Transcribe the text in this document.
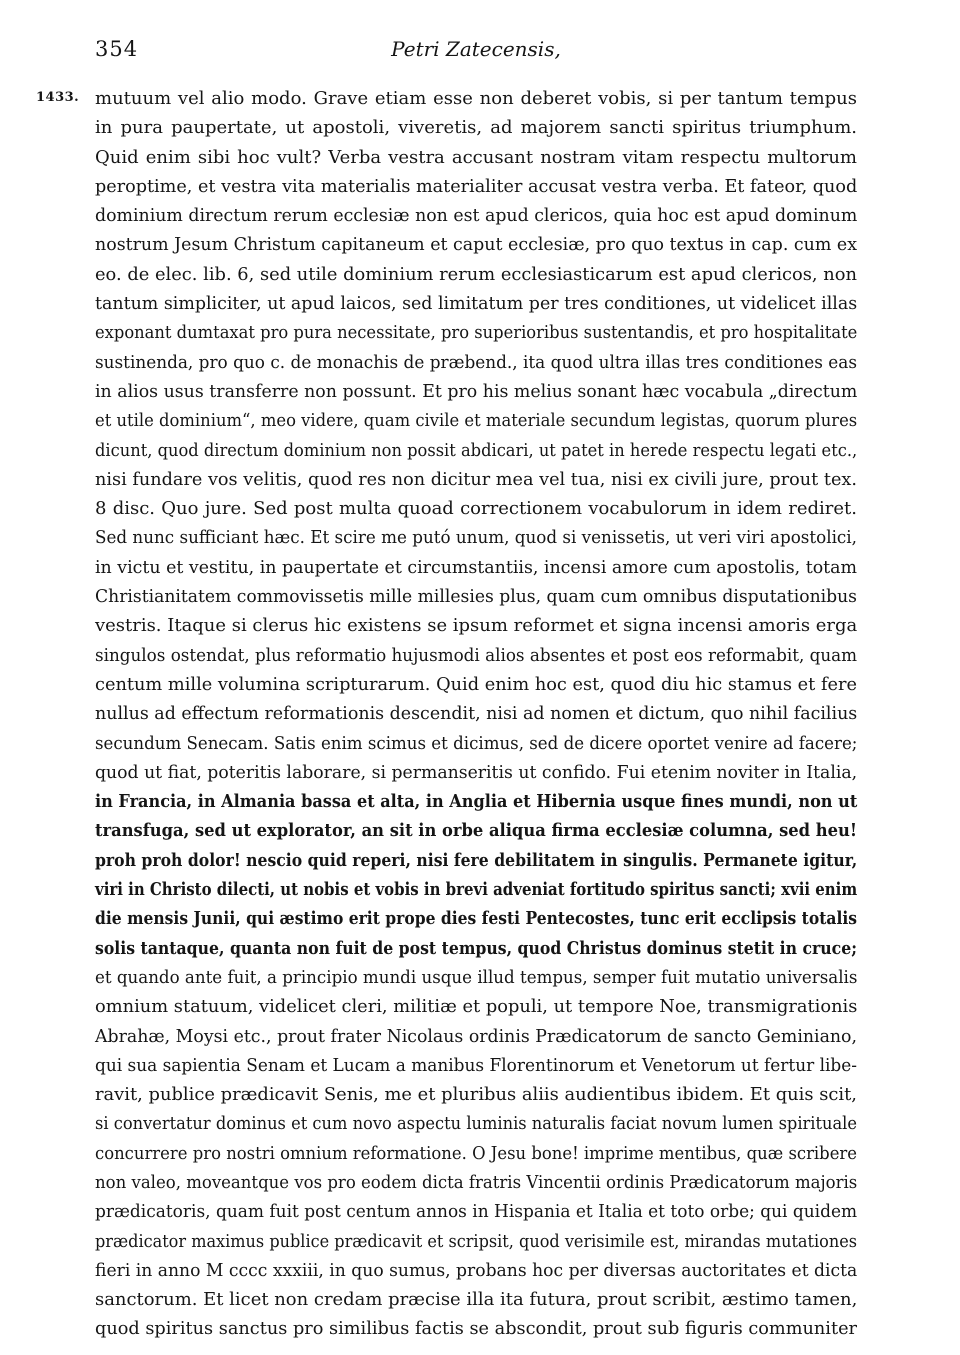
354	Petri Zatecensis,
1433. mutuum vel alio modo. Grave etiam esse non deberet vobis, si per tantum tempus
in pura paupertate, ut apostoli, viveretis, ad majorem sancti spiritus triumphum.
Quid enim sibi hoc vult? Verba vestra accusant nostram vitam respectu multorum
peroptime, et vestra vita materialis materialiter accusat vestra verba. Et fateor, quod
dominium directum rerum ecclesiæ non est apud clericos, quia hoc est apud dominum
nostrum Jesum Christum capitaneum et caput ecclesiæ, pro quo textus in cap. cum ex
eo. de elec. lib. 6, sed utile dominium rerum ecclesiasticarum est apud clericos, non
tantum simpliciter, ut apud laicos, sed limitatum per tres conditiones, ut videlicet illas
exponant dumtaxat pro pura necessitate, pro superioribus sustentandis, et pro hospitalitate
sustinenda, pro quo c. de monachis de præbend., ita quod ultra illas tres conditiones eas
in alios usus transferre non possunt. Et pro his melius sonant hæc vocabula „directum
et utile dominium“, meo videre, quam civile et materiale secundum legistas, quorum plures
dicunt, quod directum dominium non possit abdicari, ut patet in herede respectu legati etc.,
nisi fundare vos velitis, quod res non dicitur mea vel tua, nisi ex civili jure, prout tex.
8 disc. Quo jure. Sed post multa quoad correctionem vocabulorum in idem rediret.
Sed nunc sufficiant hæc. Et scire me putó unum, quod si venissetis, ut veri viri apostolici,
in victu et vestitu, in paupertate et circumstantiis, incensi amore cum apostolis, totam
Christianitatem commovissetis mille millesies plus, quam cum omnibus disputationibus
vestris. Itaque si clerus hic existens se ipsum reformet et signa incensi amoris erga
singulos ostendat, plus reformatio hujusmodi alios absentes et post eos reformabit, quam
centum mille volumina scripturarum. Quid enim hoc est, quod diu hic stamus et fere
nullus ad effectum reformationis descendit, nisi ad nomen et dictum, quo nihil facilius
secundum Senecam. Satis enim scimus et dicimus, sed de dicere oportet venire ad facere;
quod ut fiat, poteritis laborare, si permanseritis ut confido. Fui etenim noviter in Italia,
in Francia, in Almania bassa et alta, in Anglia et Hibernia usque fines mundi, non ut
transfuga, sed ut explorator, an sit in orbe aliqua firma ecclesiæ columna, sed heu!
proh proh dolor! nescio quid reperi, nisi fere debilitatem in singulis. Permanete igitur,
viri in Christo dilecti, ut nobis et vobis in brevi adveniat fortitudo spiritus sancti; xvii enim
die mensis Junii, qui æstimo erit prope dies festi Pentecostes, tunc erit ecclipsis totalis
solis tantaque, quanta non fuit de post tempus, quod Christus dominus stetit in cruce;
et quando ante fuit, a principio mundi usque illud tempus, semper fuit mutatio universalis
omnium statuum, videlicet cleri, militiæ et populi, ut tempore Noe, transmigrationis
Abrahæ, Moysi etc., prout frater Nicolaus ordinis Prædicatorum de sancto Geminiano,
qui sua sapientia Senam et Lucam a manibus Florentinorum et Venetorum ut fertur libe-
ravit, publice prædicavit Senis, me et pluribus aliis audientibus ibidem. Et quis scit,
si convertatur dominus et cum novo aspectu luminis naturalis faciat novum lumen spirituale
concurrere pro nostri omnium reformatione. O Jesu bone! imprime mentibus, quæ scribere
non valeo, moveantque vos pro eodem dicta fratris Vincentii ordinis Prædicatorum majoris
prædicatoris, quam fuit post centum annos in Hispania et Italia et toto orbe; qui quidem
prædicator maximus publice prædicavit et scripsit, quod verisimile est, mirandas mutationes
fieri in anno M cccc xxxiii, in quo sumus, probans hoc per diversas auctoritates et dicta
sanctorum. Et licet non credam præcise illa ita futura, prout scribit, æstimo tamen,
quod spiritus sanctus pro similibus factis se abscondit, prout sub figuris communiter
